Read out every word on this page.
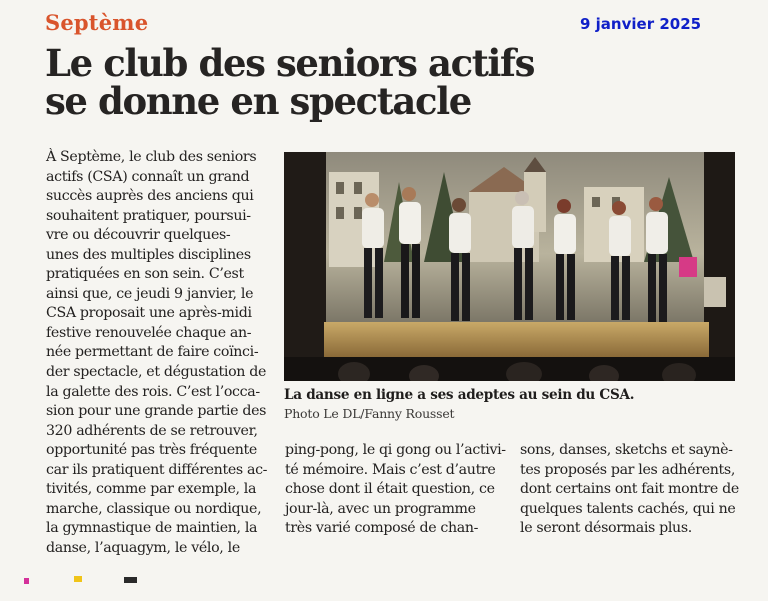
Septème	9 janvier 2025
Le club des seniors actifs
se donne en spectacle
À Septème, le club des seniors
actifs (CSA) connaît un grand
succès auprès des anciens qui
souhaitent pratiquer, poursui-
vre ou découvrir quelques-
unes des multiples disciplines
pratiquées en son sein. C’est
ainsi que, ce jeudi 9 janvier, le
CSA proposait une après-midi
festive renouvelée chaque an-
née permettant de faire coïnci-
der spectacle, et dégustation de
la galette des rois. C’est l’occa-
sion pour une grande partie des
320 adhérents de se retrouver,
opportunité pas très fréquente
car ils pratiquent différentes ac-
tivités, comme par exemple, la
marche, classique ou nordique,
la gymnastique de maintien, la
danse, l’aquagym, le vélo, le
La danse en ligne a ses adeptes au sein du CSA.
Photo Le DL/Fanny Rousset
ping-pong, le qi gong ou l’activi-
té mémoire. Mais c’est d’autre
chose dont il était question, ce
jour-là, avec un programme
très varié composé de chan-
sons, danses, sketchs et saynè-
tes proposés par les adhérents,
dont certains ont fait montre de
quelques talents cachés, qui ne
le seront désormais plus.
